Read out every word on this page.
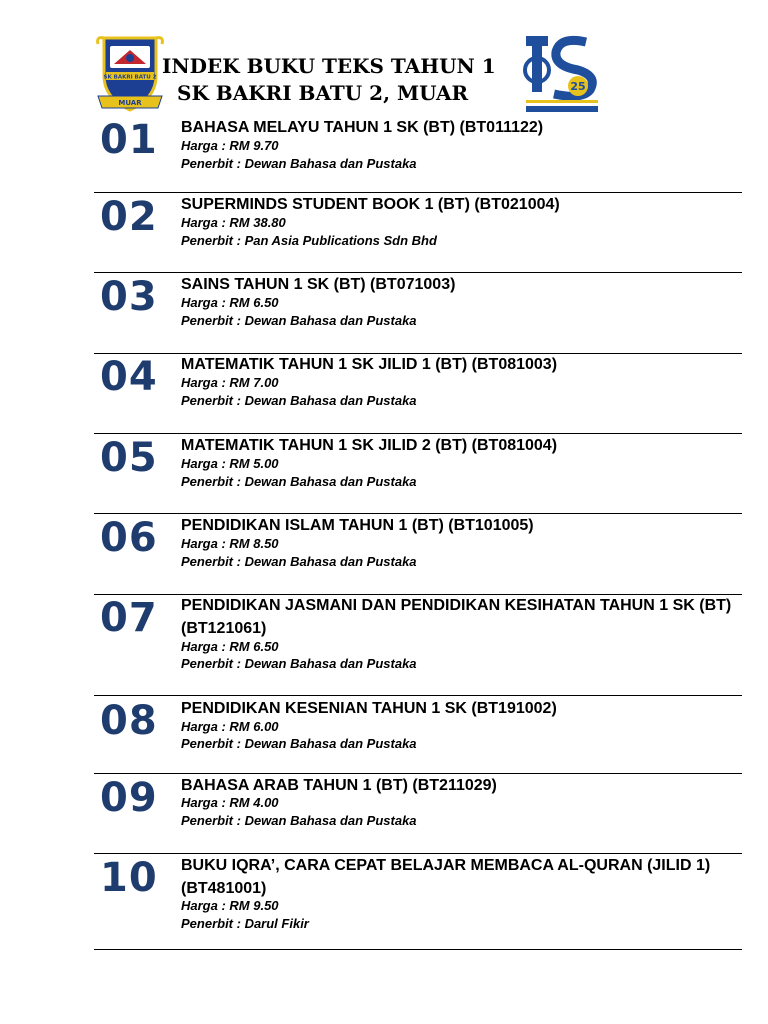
SK BAKRI BATU 2
MUAR
INDEK BUKU TEKS TAHUN 1
SK BAKRI BATU 2, MUAR	25
01 BAHASA MELAYU TAHUN 1 SK (BT) (BT011122)
Harga : RM 9.70
Penerbit : Dewan Bahasa dan Pustaka
02 SUPERMINDS STUDENT BOOK 1 (BT) (BT021004)
Harga : RM 38.80
Penerbit : Pan Asia Publications Sdn Bhd
03 SAINS TAHUN 1 SK (BT) (BT071003)
Harga : RM 6.50
Penerbit : Dewan Bahasa dan Pustaka
04 MATEMATIK TAHUN 1 SK JILID 1 (BT) (BT081003)
Harga : RM 7.00
Penerbit : Dewan Bahasa dan Pustaka
05 MATEMATIK TAHUN 1 SK JILID 2 (BT) (BT081004)
Harga : RM 5.00
Penerbit : Dewan Bahasa dan Pustaka
06 PENDIDIKAN ISLAM TAHUN 1 (BT) (BT101005)
Harga : RM 8.50
Penerbit : Dewan Bahasa dan Pustaka
07 PENDIDIKAN JASMANI DAN PENDIDIKAN KESIHATAN TAHUN 1 SK (BT) (BT121061)
Harga : RM 6.50
Penerbit : Dewan Bahasa dan Pustaka
08 PENDIDIKAN KESENIAN TAHUN 1 SK (BT191002)
Harga : RM 6.00
Penerbit : Dewan Bahasa dan Pustaka
09 BAHASA ARAB TAHUN 1 (BT) (BT211029)
Harga : RM 4.00
Penerbit : Dewan Bahasa dan Pustaka
10 BUKU IQRA’, CARA CEPAT BELAJAR MEMBACA AL-QURAN (JILID 1) (BT481001)
Harga : RM 9.50
Penerbit : Darul Fikir
